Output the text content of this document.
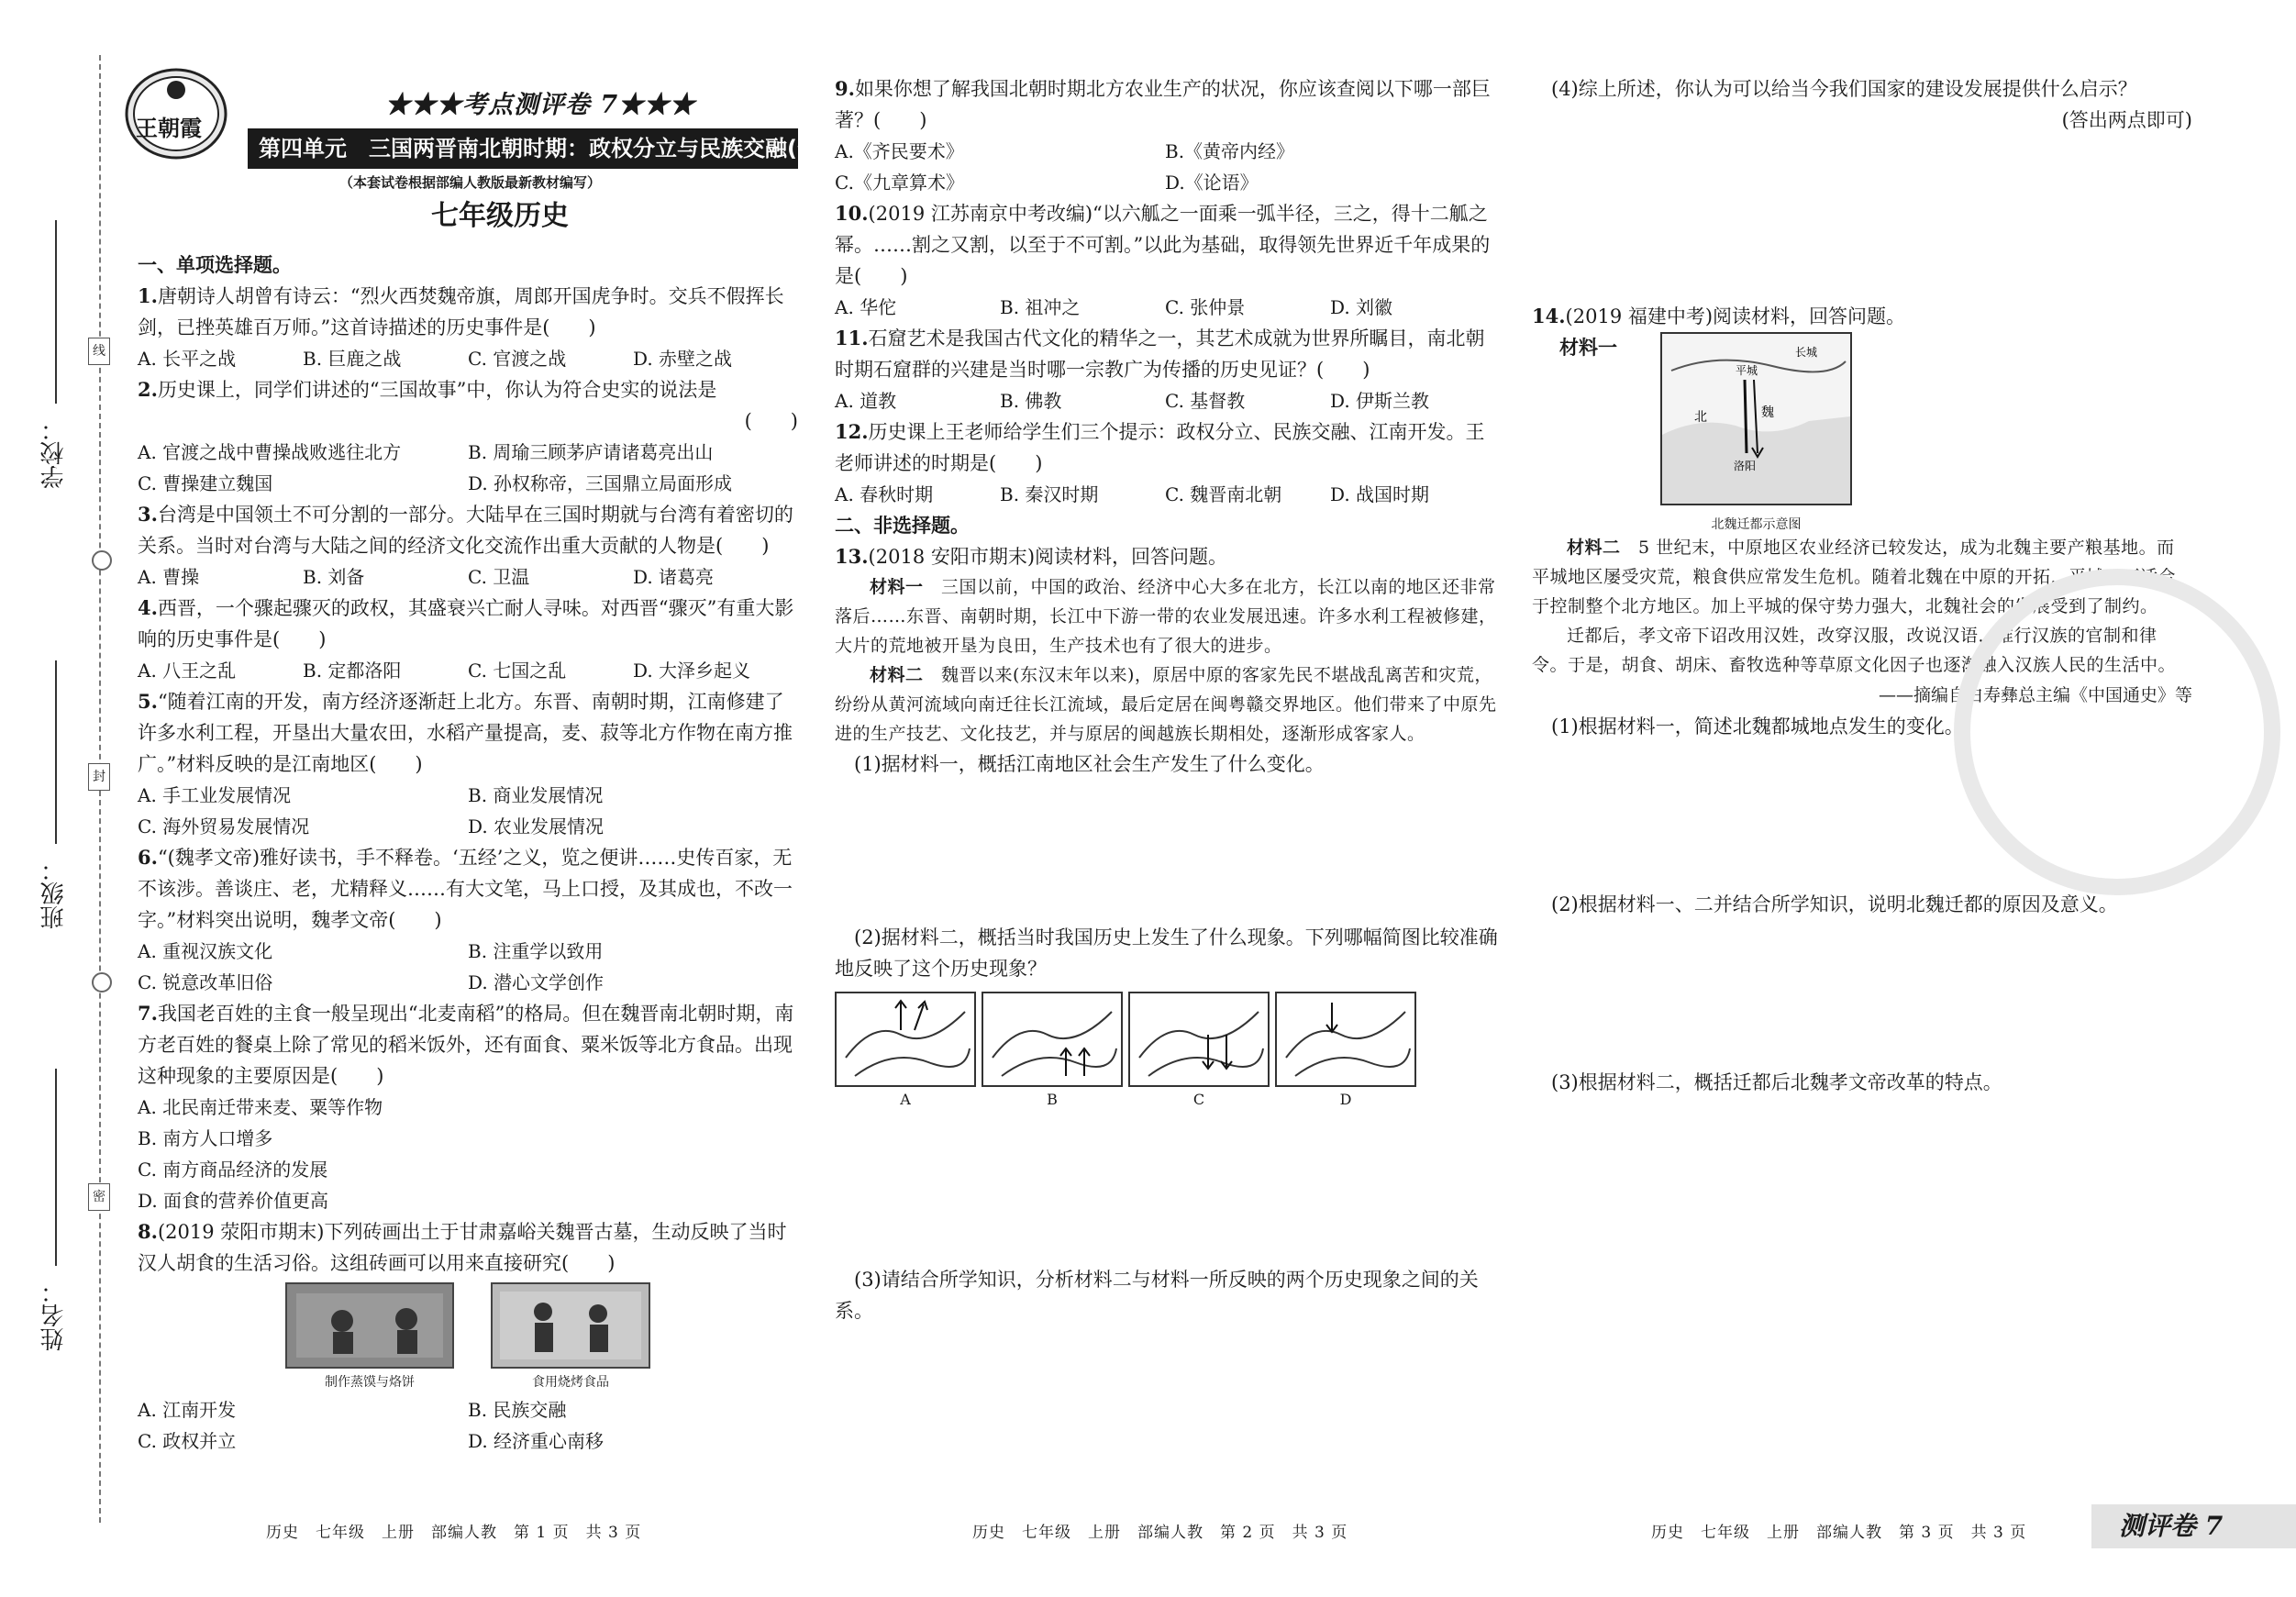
学校：
班级：
姓名：
线
封
密
王朝霞
★★★考点测评卷 7★★★
第四单元　三国两晋南北朝时期：政权分立与民族交融(一)
（本套试卷根据部编人教版最新教材编写）
七年级历史
一、单项选择题。

1.唐朝诗人胡曾有诗云：“烈火西焚魏帝旗，周郎开国虎争时。交兵不假挥长剑，已挫英雄百万师。”这首诗描述的历史事件是(　　)

A. 长平之战	B. 巨鹿之战	C. 官渡之战	D. 赤壁之战

2.历史课上，同学们讲述的“三国故事”中，你认为符合史实的说法是

(　　)
A. 官渡之战中曹操战败逃往北方	B. 周瑜三顾茅庐请诸葛亮出山
C. 曹操建立魏国	D. 孙权称帝，三国鼎立局面形成

3.台湾是中国领土不可分割的一部分。大陆早在三国时期就与台湾有着密切的关系。当时对台湾与大陆之间的经济文化交流作出重大贡献的人物是(　　)

A. 曹操	B. 刘备	C. 卫温	D. 诸葛亮

4.西晋，一个骤起骤灭的政权，其盛衰兴亡耐人寻味。对西晋“骤灭”有重大影响的历史事件是(　　)

A. 八王之乱	B. 定都洛阳	C. 七国之乱	D. 大泽乡起义

5.“随着江南的开发，南方经济逐渐赶上北方。东晋、南朝时期，江南修建了许多水利工程，开垦出大量农田，水稻产量提高，麦、菽等北方作物在南方推广。”材料反映的是江南地区(　　)

A. 手工业发展情况	B. 商业发展情况
C. 海外贸易发展情况	D. 农业发展情况

6.“(魏孝文帝)雅好读书，手不释卷。‘五经’之义，览之便讲……史传百家，无不该涉。善谈庄、老，尤精释义……有大文笔，马上口授，及其成也，不改一字。”材料突出说明，魏孝文帝(　　)

A. 重视汉族文化	B. 注重学以致用
C. 锐意改革旧俗	D. 潜心文学创作

7.我国老百姓的主食一般呈现出“北麦南稻”的格局。但在魏晋南北朝时期，南方老百姓的餐桌上除了常见的稻米饭外，还有面食、粟米饭等北方食品。出现这种现象的主要原因是(　　)

A. 北民南迁带来麦、粟等作物
B. 南方人口增多
C. 南方商品经济的发展
D. 面食的营养价值更高

8.(2019 荥阳市期末)下列砖画出土于甘肃嘉峪关魏晋古墓，生动反映了当时汉人胡食的生活习俗。这组砖画可以用来直接研究(　　)

制作蒸馍与烙饼	食用烧烤食品
A. 江南开发	B. 民族交融
C. 政权并立	D. 经济重心南移

9.如果你想了解我国北朝时期北方农业生产的状况，你应该查阅以下哪一部巨著？(　　)

A.《齐民要术》	B.《黄帝内经》
C.《九章算术》	D.《论语》

10.(2019 江苏南京中考改编)“以六觚之一面乘一弧半径，三之，得十二觚之幂。……割之又割，以至于不可割。”以此为基础，取得领先世界近千年成果的是(　　)

A. 华佗	B. 祖冲之	C. 张仲景	D. 刘徽

11.石窟艺术是我国古代文化的精华之一，其艺术成就为世界所瞩目，南北朝时期石窟群的兴建是当时哪一宗教广为传播的历史见证？(　　)

A. 道教	B. 佛教	C. 基督教	D. 伊斯兰教

12.历史课上王老师给学生们三个提示：政权分立、民族交融、江南开发。王老师讲述的时期是(　　)

A. 春秋时期	B. 秦汉时期	C. 魏晋南北朝	D. 战国时期
二、非选择题。

13.(2018 安阳市期末)阅读材料，回答问题。

材料一　 三国以前，中国的政治、经济中心大多在北方，长江以南的地区还非常落后……东晋、南朝时期，长江中下游一带的农业发展迅速。许多水利工程被修建，大片的荒地被开垦为良田，生产技术也有了很大的进步。

材料二　 魏晋以来(东汉末年以来)，原居中原的客家先民不堪战乱离苦和灾荒，纷纷从黄河流域向南迁往长江流域，最后定居在闽粤赣交界地区。他们带来了中原先进的生产技艺、文化技艺，并与原居的闽越族长期相处，逐渐形成客家人。

(1)据材料一，概括江南地区社会生产发生了什么变化。

(2)据材料二，概括当时我国历史上发生了什么现象。下列哪幅简图比较准确地反映了这个历史现象？

A	B	C	D

(3)请结合所学知识，分析材料二与材料一所反映的两个历史现象之间的关系。

(4)综上所述，你认为可以给当今我们国家的建设发展提供什么启示？

(答出两点即可)

14.(2019 福建中考)阅读材料，回答问题。

材料一
北	魏
平城
洛阳
长城
北魏迁都示意图

材料二　 5 世纪末，中原地区农业经济已较发达，成为北魏主要产粮基地。而平城地区屡受灾荒，粮食供应常发生危机。随着北魏在中原的开拓，平城已不适合于控制整个北方地区。加上平城的保守势力强大，北魏社会的发展受到了制约。

迁都后，孝文帝下诏改用汉姓，改穿汉服，改说汉语，推行汉族的官制和律令。于是，胡食、胡床、畜牧选种等草原文化因子也逐渐融入汉族人民的生活中。

——摘编自白寿彝总主编《中国通史》等

(1)根据材料一，简述北魏都城地点发生的变化。

(2)根据材料一、二并结合所学知识，说明北魏迁都的原因及意义。

(3)根据材料二，概括迁都后北魏孝文帝改革的特点。

历史　七年级　上册　部编人教　第 1 页　共 3 页	历史　七年级　上册　部编人教　第 2 页　共 3 页	历史　七年级　上册　部编人教　第 3 页　共 3 页	测评卷 7
